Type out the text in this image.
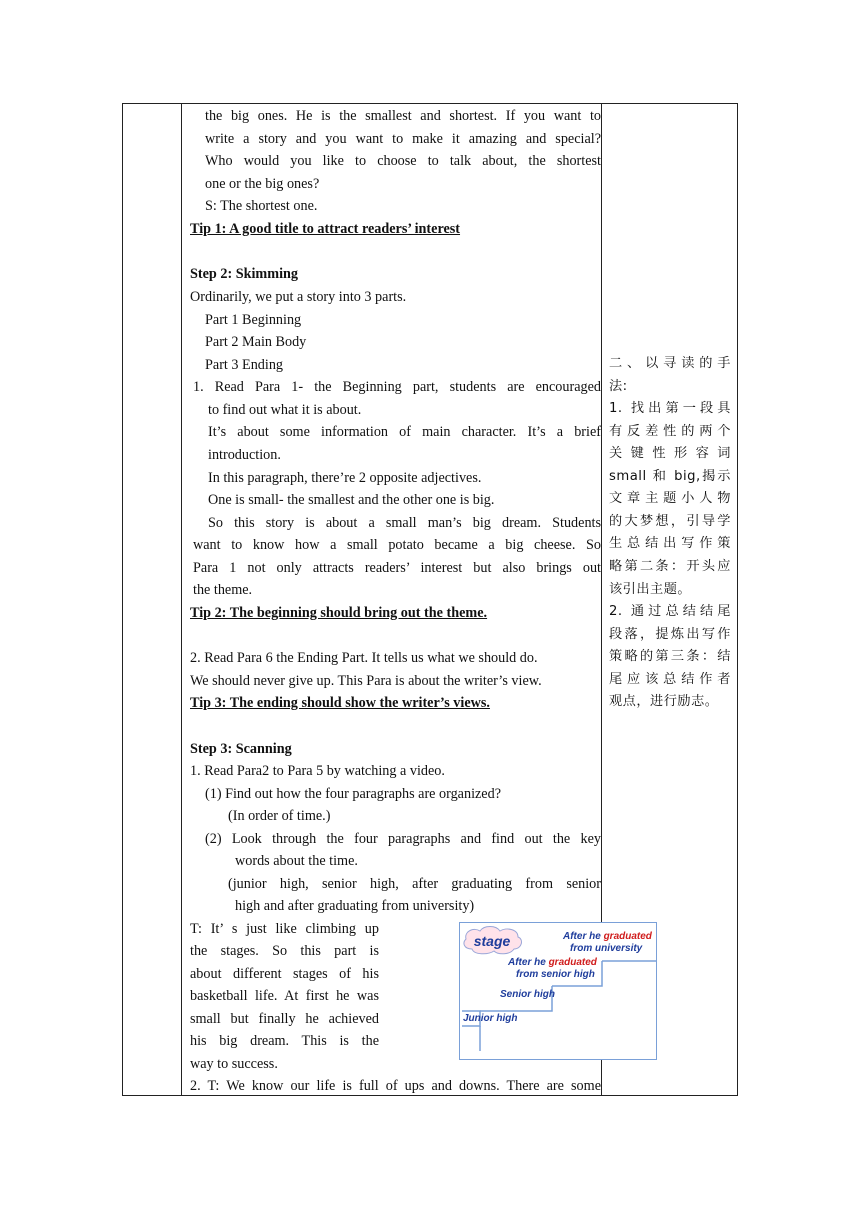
the big ones. He is the smallest and shortest. If you want to
write a story and you want to make it amazing and special?
Who would you like to choose to talk about, the shortest
one or the big ones?
S: The shortest one.
Tip 1: A good title to attract readers’ interest
Step 2: Skimming
Ordinarily, we put a story into 3 parts.
Part 1 Beginning
Part 2 Main Body
Part 3 Ending
1. Read Para 1- the Beginning part, students are encouraged
to find out what it is about.
It’s about some information of main character. It’s a brief
introduction.
In this paragraph, there’re 2 opposite adjectives.
One is small- the smallest and the other one is big.
So this story is about a small man’s big dream. Students
want to know how a small potato became a big cheese. So
Para 1 not only attracts readers’ interest but also brings out
the theme.
Tip 2: The beginning should bring out the theme.
2. Read Para 6 the Ending Part. It tells us what we should do.
We should never give up. This Para is about the writer’s view.
Tip 3: The ending should show the writer’s views.
Step 3: Scanning
1. Read Para2 to Para 5 by watching a video.
(1) Find out how the four paragraphs are organized?
(In order of time.)
(2) Look through the four paragraphs and find out the key
words about the time.
(junior high, senior high, after graduating from senior
high and after graduating from university)
T: It’ s just like climbing up
the stages. So this part is
about different stages of his
basketball life. At first he was
small but finally he achieved
his big dream. This is the
way to success.
2. T: We know our life is full of ups and downs. There are some
stage
Junior high
Senior high
After he graduated
from senior high
After he graduated
from university
二、以寻读的手
法:
1. 找出第一段具
有反差性的两个
关键性形容词
small 和 big,揭示
文章主题小人物
的大梦想，引导学
生总结出写作策
略第二条：开头应
该引出主题。
2. 通过总结结尾
段落，提炼出写作
策略的第三条：结
尾应该总结作者
观点，进行励志。
